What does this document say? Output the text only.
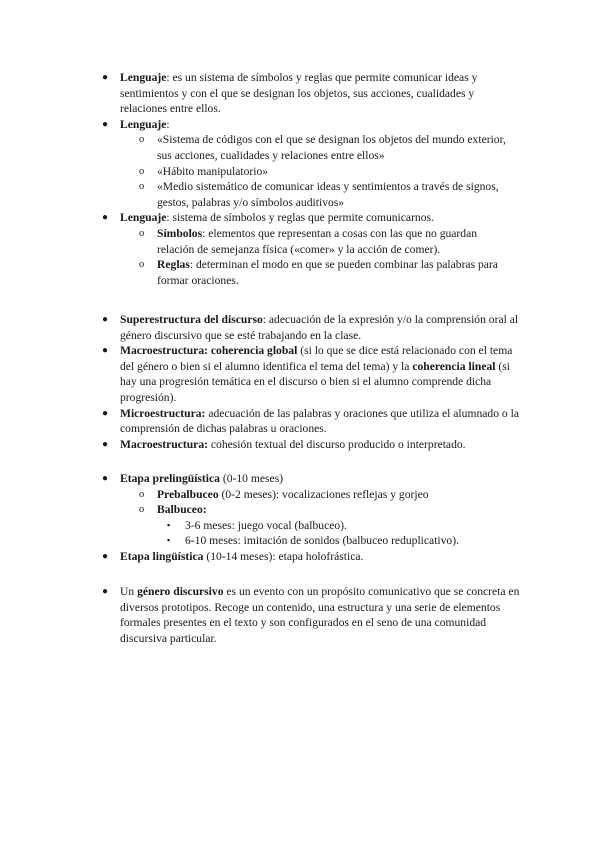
●	Lenguaje: es un sistema de símbolos y reglas que permite comunicar ideas y sentimientos y con el que se designan los objetos, sus acciones, cualidades y relaciones entre ellos.
●	Lenguaje:
o «Sistema de códigos con el que se designan los objetos del mundo exterior, sus acciones, cualidades y relaciones entre ellos»
o «Hábito manipulatorio»
o «Medio sistemático de comunicar ideas y sentimientos a través de signos, gestos, palabras y/o símbolos auditivos»
●	Lenguaje: sistema de símbolos y reglas que permite comunicarnos.
o Símbolos: elementos que representan a cosas con las que no guardan relación de semejanza física («comer» y la acción de comer).
o Reglas: determinan el modo en que se pueden combinar las palabras para formar oraciones.
●	Superestructura del discurso: adecuación de la expresión y/o la comprensión oral al género discursivo que se esté trabajando en la clase.
●	Macroestructura: coherencia global (si lo que se dice está relacionado con el tema del género o bien si el alumno identifica el tema del tema) y la coherencia lineal (si hay una progresión temática en el discurso o bien si el alumno comprende dicha progresión).
●	Microestructura: adecuación de las palabras y oraciones que utiliza el alumnado o la comprensión de dichas palabras u oraciones.
●	Macroestructura: cohesión textual del discurso producido o interpretado.
●	Etapa prelingüística (0-10 meses)
o Prebalbuceo (0-2 meses): vocalizaciones reflejas y gorjeo
o Balbuceo:
▪ 3-6 meses: juego vocal (balbuceo).
▪ 6-10 meses: imitación de sonidos (balbuceo reduplicativo).
●	Etapa lingüística (10-14 meses): etapa holofrástica.
●	Un género discursivo es un evento con un propósito comunicativo que se concreta en diversos prototipos. Recoge un contenido, una estructura y una serie de elementos formales presentes en el texto y son configurados en el seno de una comunidad discursiva particular.
